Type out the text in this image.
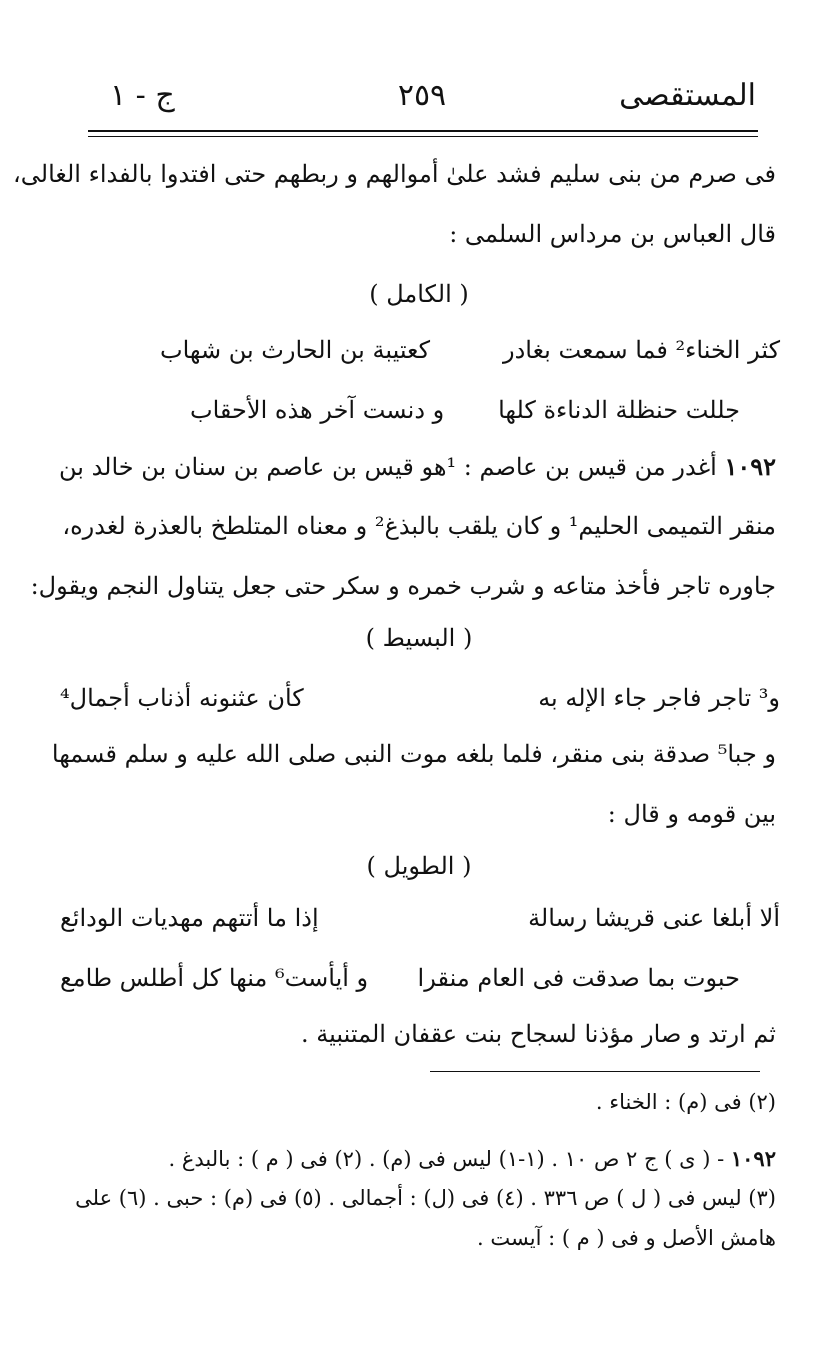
المستقصى
٢٥٩
ج - ١
فى صرم من بنى سليم فشد علىٰ أموالهم و ربطهم حتى افتدوا بالفداء الغالى،
قال العباس بن مرداس السلمى :
( الكامل )
كثر الخناء² فما سمعت بغادر
كعتيبة بن الحارث بن شهاب
جللت حنظلة الدناءة كلها
و دنست آخر هذه الأحقاب
١٠٩٢ أغدر من قيس بن عاصم : ¹هو قيس بن عاصم بن سنان بن خالد بن
منقر التميمى الحليم¹ و كان يلقب بالبذغ² و معناه المتلطخ بالعذرة لغدره،
جاوره تاجر فأخذ متاعه و شرب خمره و سكر حتى جعل يتناول النجم ويقول:
( البسيط )
و³ تاجر فاجر جاء الإله به
كأن عثنونه أذناب أجمال⁴
و جبا⁵ صدقة بنى منقر، فلما بلغه موت النبى صلى الله عليه و سلم قسمها
بين قومه و قال :
( الطويل )
ألا أبلغا عنى قريشا رسالة
إذا ما أتتهم مهديات الودائع
حبوت بما صدقت فى العام منقرا
و أيأست⁶ منها كل أطلس طامع
ثم ارتد و صار مؤذنا لسجاح بنت عقفان المتنبية .
(٢) فى (م) : الخناء .
١٠٩٢ - ( ى ) ج ٢ ص ١٠ . (١-١) ليس فى (م) . (٢) فى ( م ) : بالبدغ .
(٣) ليس فى ( ل ) ص ٣٣٦ . (٤) فى (ل) : أجمالى . (٥) فى (م) : حبى . (٦) على
هامش الأصل و فى ( م ) : آيست .
